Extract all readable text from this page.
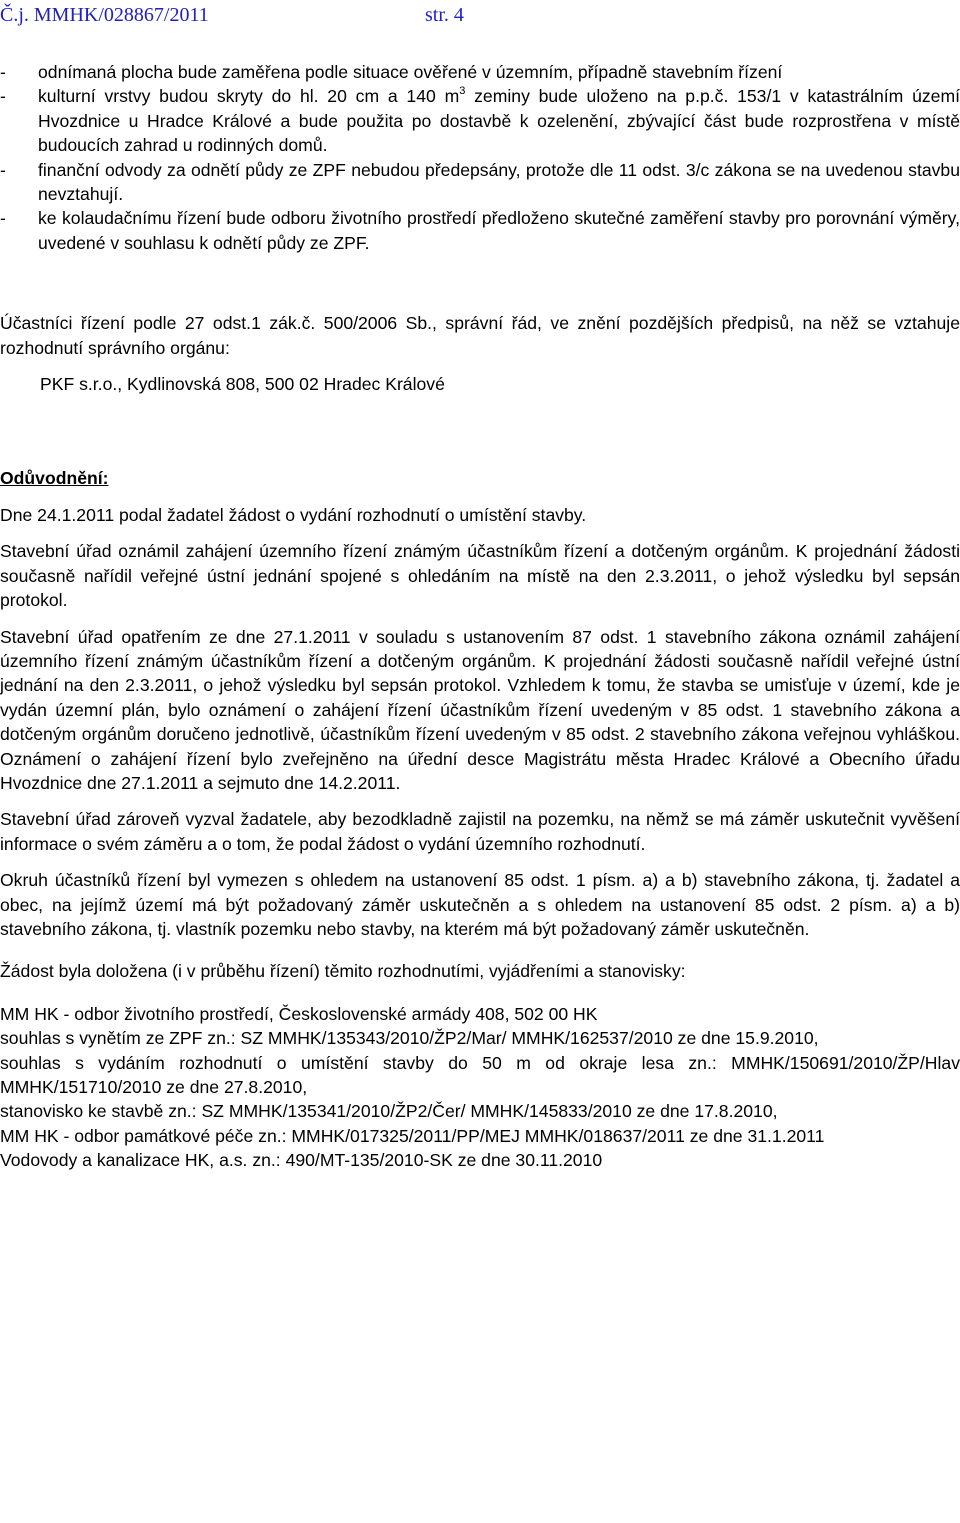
Č.j. MMHK/028867/2011	str. 4
-	odnímaná plocha bude zaměřena podle situace ověřené v územním, případně stavebním řízení
-	kulturní vrstvy budou skryty do hl. 20 cm a 140 $m^3$ zeminy bude uloženo na p.p.č. 153/1 v katastrálním území Hvozdnice u Hradce Králové a bude použita po dostavbě k ozelenění, zbývající část bude rozprostřena v místě budoucích zahrad u rodinných domů.
-	finanční odvody za odnětí půdy ze ZPF nebudou předepsány, protože dle 11 odst. 3/c zákona se na uvedenou stavbu nevztahují.
-	ke kolaudačnímu řízení bude odboru životního prostředí předloženo skutečné zaměření stavby pro porovnání výměry, uvedené v souhlasu k odnětí půdy ze ZPF.

Účastníci řízení podle 27 odst.1 zák.č. 500/2006 Sb., správní řád, ve znění pozdějších předpisů, na něž se vztahuje rozhodnutí správního orgánu:

PKF s.r.o., Kydlinovská 808, 500 02 Hradec Králové

Odůvodnění:

Dne 24.1.2011 podal žadatel žádost o vydání rozhodnutí o umístění stavby.

Stavební úřad oznámil zahájení územního řízení známým účastníkům řízení a dotčeným orgánům. K projednání žádosti současně nařídil veřejné ústní jednání spojené s ohledáním na místě na den 2.3.2011, o jehož výsledku byl sepsán protokol.

Stavební úřad opatřením ze dne 27.1.2011 v souladu s ustanovením 87 odst. 1 stavebního zákona oznámil zahájení územního řízení známým účastníkům řízení a dotčeným orgánům. K projednání žádosti současně nařídil veřejné ústní jednání na den 2.3.2011, o jehož výsledku byl sepsán protokol. Vzhledem k tomu, že stavba se umisťuje v území, kde je vydán územní plán, bylo oznámení o zahájení řízení účastníkům řízení uvedeným v 85 odst. 1 stavebního zákona a dotčeným orgánům doručeno jednotlivě, účastníkům řízení uvedeným v 85 odst. 2 stavebního zákona veřejnou vyhláškou. Oznámení o zahájení řízení bylo zveřejněno na úřední desce Magistrátu města Hradec Králové a Obecního úřadu Hvozdnice dne 27.1.2011 a sejmuto dne 14.2.2011.

Stavební úřad zároveň vyzval žadatele, aby bezodkladně zajistil na pozemku, na němž se má záměr uskutečnit vyvěšení informace o svém záměru a o tom, že podal žádost o vydání územního rozhodnutí.

Okruh účastníků řízení byl vymezen s ohledem na ustanovení 85 odst. 1 písm. a) a b) stavebního zákona, tj. žadatel a obec, na jejímž území má být požadovaný záměr uskutečněn a s ohledem na ustanovení 85 odst. 2 písm. a) a b) stavebního zákona, tj. vlastník pozemku nebo stavby, na kterém má být požadovaný záměr uskutečněn.

Žádost byla doložena (i v průběhu řízení) těmito rozhodnutími, vyjádřeními a stanovisky:

MM HK - odbor životního prostředí, Československé armády 408, 502 00 HK

souhlas s vynětím ze ZPF zn.: SZ MMHK/135343/2010/ŽP2/Mar/ MMHK/162537/2010 ze dne 15.9.2010,

souhlas s vydáním rozhodnutí o umístění stavby do 50 m od okraje lesa zn.: MMHK/150691/2010/ŽP/Hlav MMHK/151710/2010 ze dne 27.8.2010,

stanovisko ke stavbě zn.: SZ MMHK/135341/2010/ŽP2/Čer/ MMHK/145833/2010 ze dne 17.8.2010,

MM HK - odbor památkové péče zn.: MMHK/017325/2011/PP/MEJ MMHK/018637/2011 ze dne 31.1.2011

Vodovody a kanalizace HK, a.s. zn.: 490/MT-135/2010-SK ze dne 30.11.2010
